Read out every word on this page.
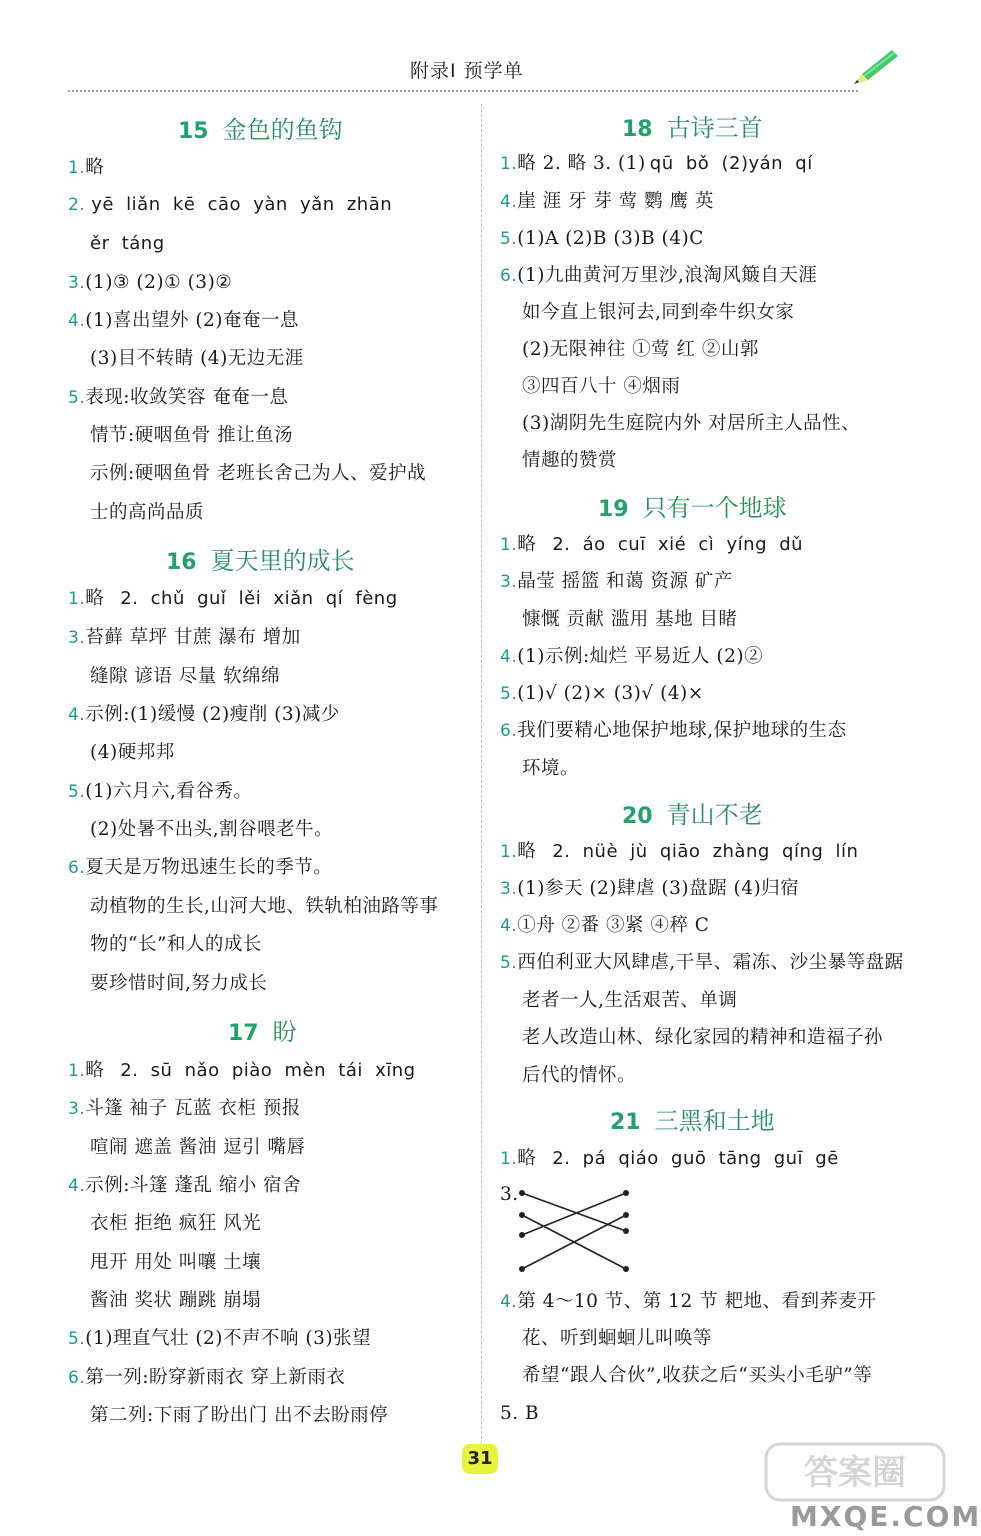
附录Ⅰ 预学单
15 金色的鱼钩
1.略
2. yē liǎn kē cāo yàn yǎn zhān
ěr táng
3.(1)③ (2)① (3)②
4.(1)喜出望外 (2)奄奄一息
(3)目不转睛 (4)无边无涯
5.表现:收敛笑容 奄奄一息
情节:硬咽鱼骨 推让鱼汤
示例:硬咽鱼骨 老班长舍己为人、爱护战
士的高尚品质
16 夏天里的成长
1.略 2. chǔ guǐ lěi xiǎn qí fèng
3.苔藓 草坪 甘蔗 瀑布 增加
缝隙 谚语 尽量 软绵绵
4.示例:(1)缓慢 (2)瘦削 (3)减少
(4)硬邦邦
5.(1)六月六,看谷秀。
(2)处暑不出头,割谷喂老牛。
6.夏天是万物迅速生长的季节。
动植物的生长,山河大地、铁轨柏油路等事
物的“长”和人的成长
要珍惜时间,努力成长
17 盼
1.略 2. sū nǎo piào mèn tái xīng
3.斗篷 袖子 瓦蓝 衣柜 预报
喧闹 遮盖 酱油 逗引 嘴唇
4.示例:斗篷 蓬乱 缩小 宿舍
衣柜 拒绝 疯狂 风光
甩开 用处 叫嚷 土壤
酱油 奖状 蹦跳 崩塌
5.(1)理直气壮 (2)不声不响 (3)张望
6.第一列:盼穿新雨衣 穿上新雨衣
第二列:下雨了盼出门 出不去盼雨停
18 古诗三首
1.略 2. 略 3. (1) qū bǒ (2)yán qí
4.崖 涯 牙 芽 莺 鹦 鹰 英
5.(1)A (2)B (3)B (4)C
6.(1)九曲黄河万里沙,浪淘风簸自天涯
如今直上银河去,同到牵牛织女家
(2)无限神往 ①莺 红 ②山郭
③四百八十 ④烟雨
(3)湖阴先生庭院内外 对居所主人品性、
情趣的赞赏
19 只有一个地球
1.略 2. áo cuī xié cì yíng dǔ
3.晶莹 摇篮 和蔼 资源 矿产
慷慨 贡献 滥用 基地 目睹
4.(1)示例:灿烂 平易近人 (2)②
5.(1)√ (2)× (3)√ (4)×
6.我们要精心地保护地球,保护地球的生态
环境。
20 青山不老
1.略 2. nüè jù qiāo zhàng qíng lín
3.(1)参天 (2)肆虐 (3)盘踞 (4)归宿
4.①舟 ②番 ③紧 ④稡 C
5.西伯利亚大风肆虐,干旱、霜冻、沙尘暴等盘踞
老者一人,生活艰苦、单调
老人改造山林、绿化家园的精神和造福子孙
后代的情怀。
21 三黑和土地
1.略 2. pá qiáo guō tāng guī gē
3.
4.第 4～10 节、第 12 节 耙地、看到荞麦开
花、听到蛔蛔儿叫唤等
希望“跟人合伙”,收获之后“买头小毛驴”等
5. B
31	答案圈
MXQE.COM
